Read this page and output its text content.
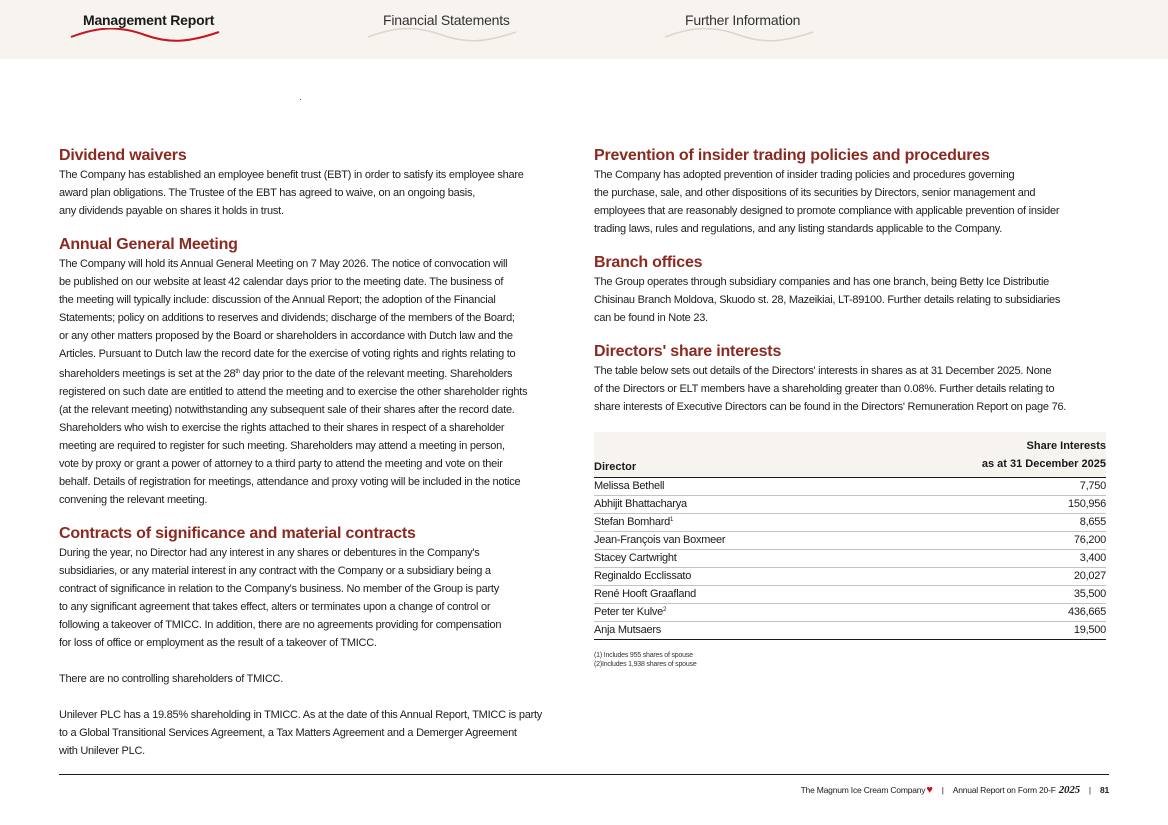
Management Report	Financial Statements	Further Information
Dividend waivers

The Company has established an employee benefit trust (EBT) in order to satisfy its employee share
award plan obligations. The Trustee of the EBT has agreed to waive, on an ongoing basis,
any dividends payable on shares it holds in trust.

Annual General Meeting

The Company will hold its Annual General Meeting on 7 May 2026. The notice of convocation will
be published on our website at least 42 calendar days prior to the meeting date. The business of
the meeting will typically include: discussion of the Annual Report; the adoption of the Financial
Statements; policy on additions to reserves and dividends; discharge of the members of the Board;
or any other matters proposed by the Board or shareholders in accordance with Dutch law and the
Articles. Pursuant to Dutch law the record date for the exercise of voting rights and rights relating to
shareholders meetings is set at the 28th day prior to the date of the relevant meeting. Shareholders
registered on such date are entitled to attend the meeting and to exercise the other shareholder rights
(at the relevant meeting) notwithstanding any subsequent sale of their shares after the record date.
Shareholders who wish to exercise the rights attached to their shares in respect of a shareholder
meeting are required to register for such meeting. Shareholders may attend a meeting in person,
vote by proxy or grant a power of attorney to a third party to attend the meeting and vote on their
behalf. Details of registration for meetings, attendance and proxy voting will be included in the notice
convening the relevant meeting.

Contracts of significance and material contracts

During the year, no Director had any interest in any shares or debentures in the Company's
subsidiaries, or any material interest in any contract with the Company or a subsidiary being a
contract of significance in relation to the Company's business. No member of the Group is party
to any significant agreement that takes effect, alters or terminates upon a change of control or
following a takeover of TMICC. In addition, there are no agreements providing for compensation
for loss of office or employment as the result of a takeover of TMICC.

There are no controlling shareholders of TMICC.

Unilever PLC has a 19.85% shareholding in TMICC. As at the date of this Annual Report, TMICC is party
to a Global Transitional Services Agreement, a Tax Matters Agreement and a Demerger Agreement
with Unilever PLC.

Prevention of insider trading policies and procedures

The Company has adopted prevention of insider trading policies and procedures governing
the purchase, sale, and other dispositions of its securities by Directors, senior management and
employees that are reasonably designed to promote compliance with applicable prevention of insider
trading laws, rules and regulations, and any listing standards applicable to the Company.

Branch offices

The Group operates through subsidiary companies and has one branch, being Betty Ice Distributie
Chisinau Branch Moldova, Skuodo st. 28, Mazeikiai, LT-89100. Further details relating to subsidiaries
can be found in Note 23.

Directors' share interests

The table below sets out details of the Directors' interests in shares as at 31 December 2025. None
of the Directors or ELT members have a shareholding greater than 0.08%. Further details relating to
share interests of Executive Directors can be found in the Directors' Remuneration Report on page 76.

Director
Share Interests
as at 31 December 2025
Melissa Bethell	7,750
Abhijit Bhattacharya	150,956
Stefan Bomhard$^1$	8,655
Jean-François van Boxmeer	76,200
Stacey Cartwright	3,400
Reginaldo Ecclissato	20,027
René Hooft Graafland	35,500
Peter ter Kulve$^2$	436,665
Anja Mutsaers	19,500
(1) Includes 955 shares of spouse
(2)Includes 1,938 shares of spouse
The Magnum Ice Cream Company ♥ | Annual Report on Form 20-F 2025 | 81
